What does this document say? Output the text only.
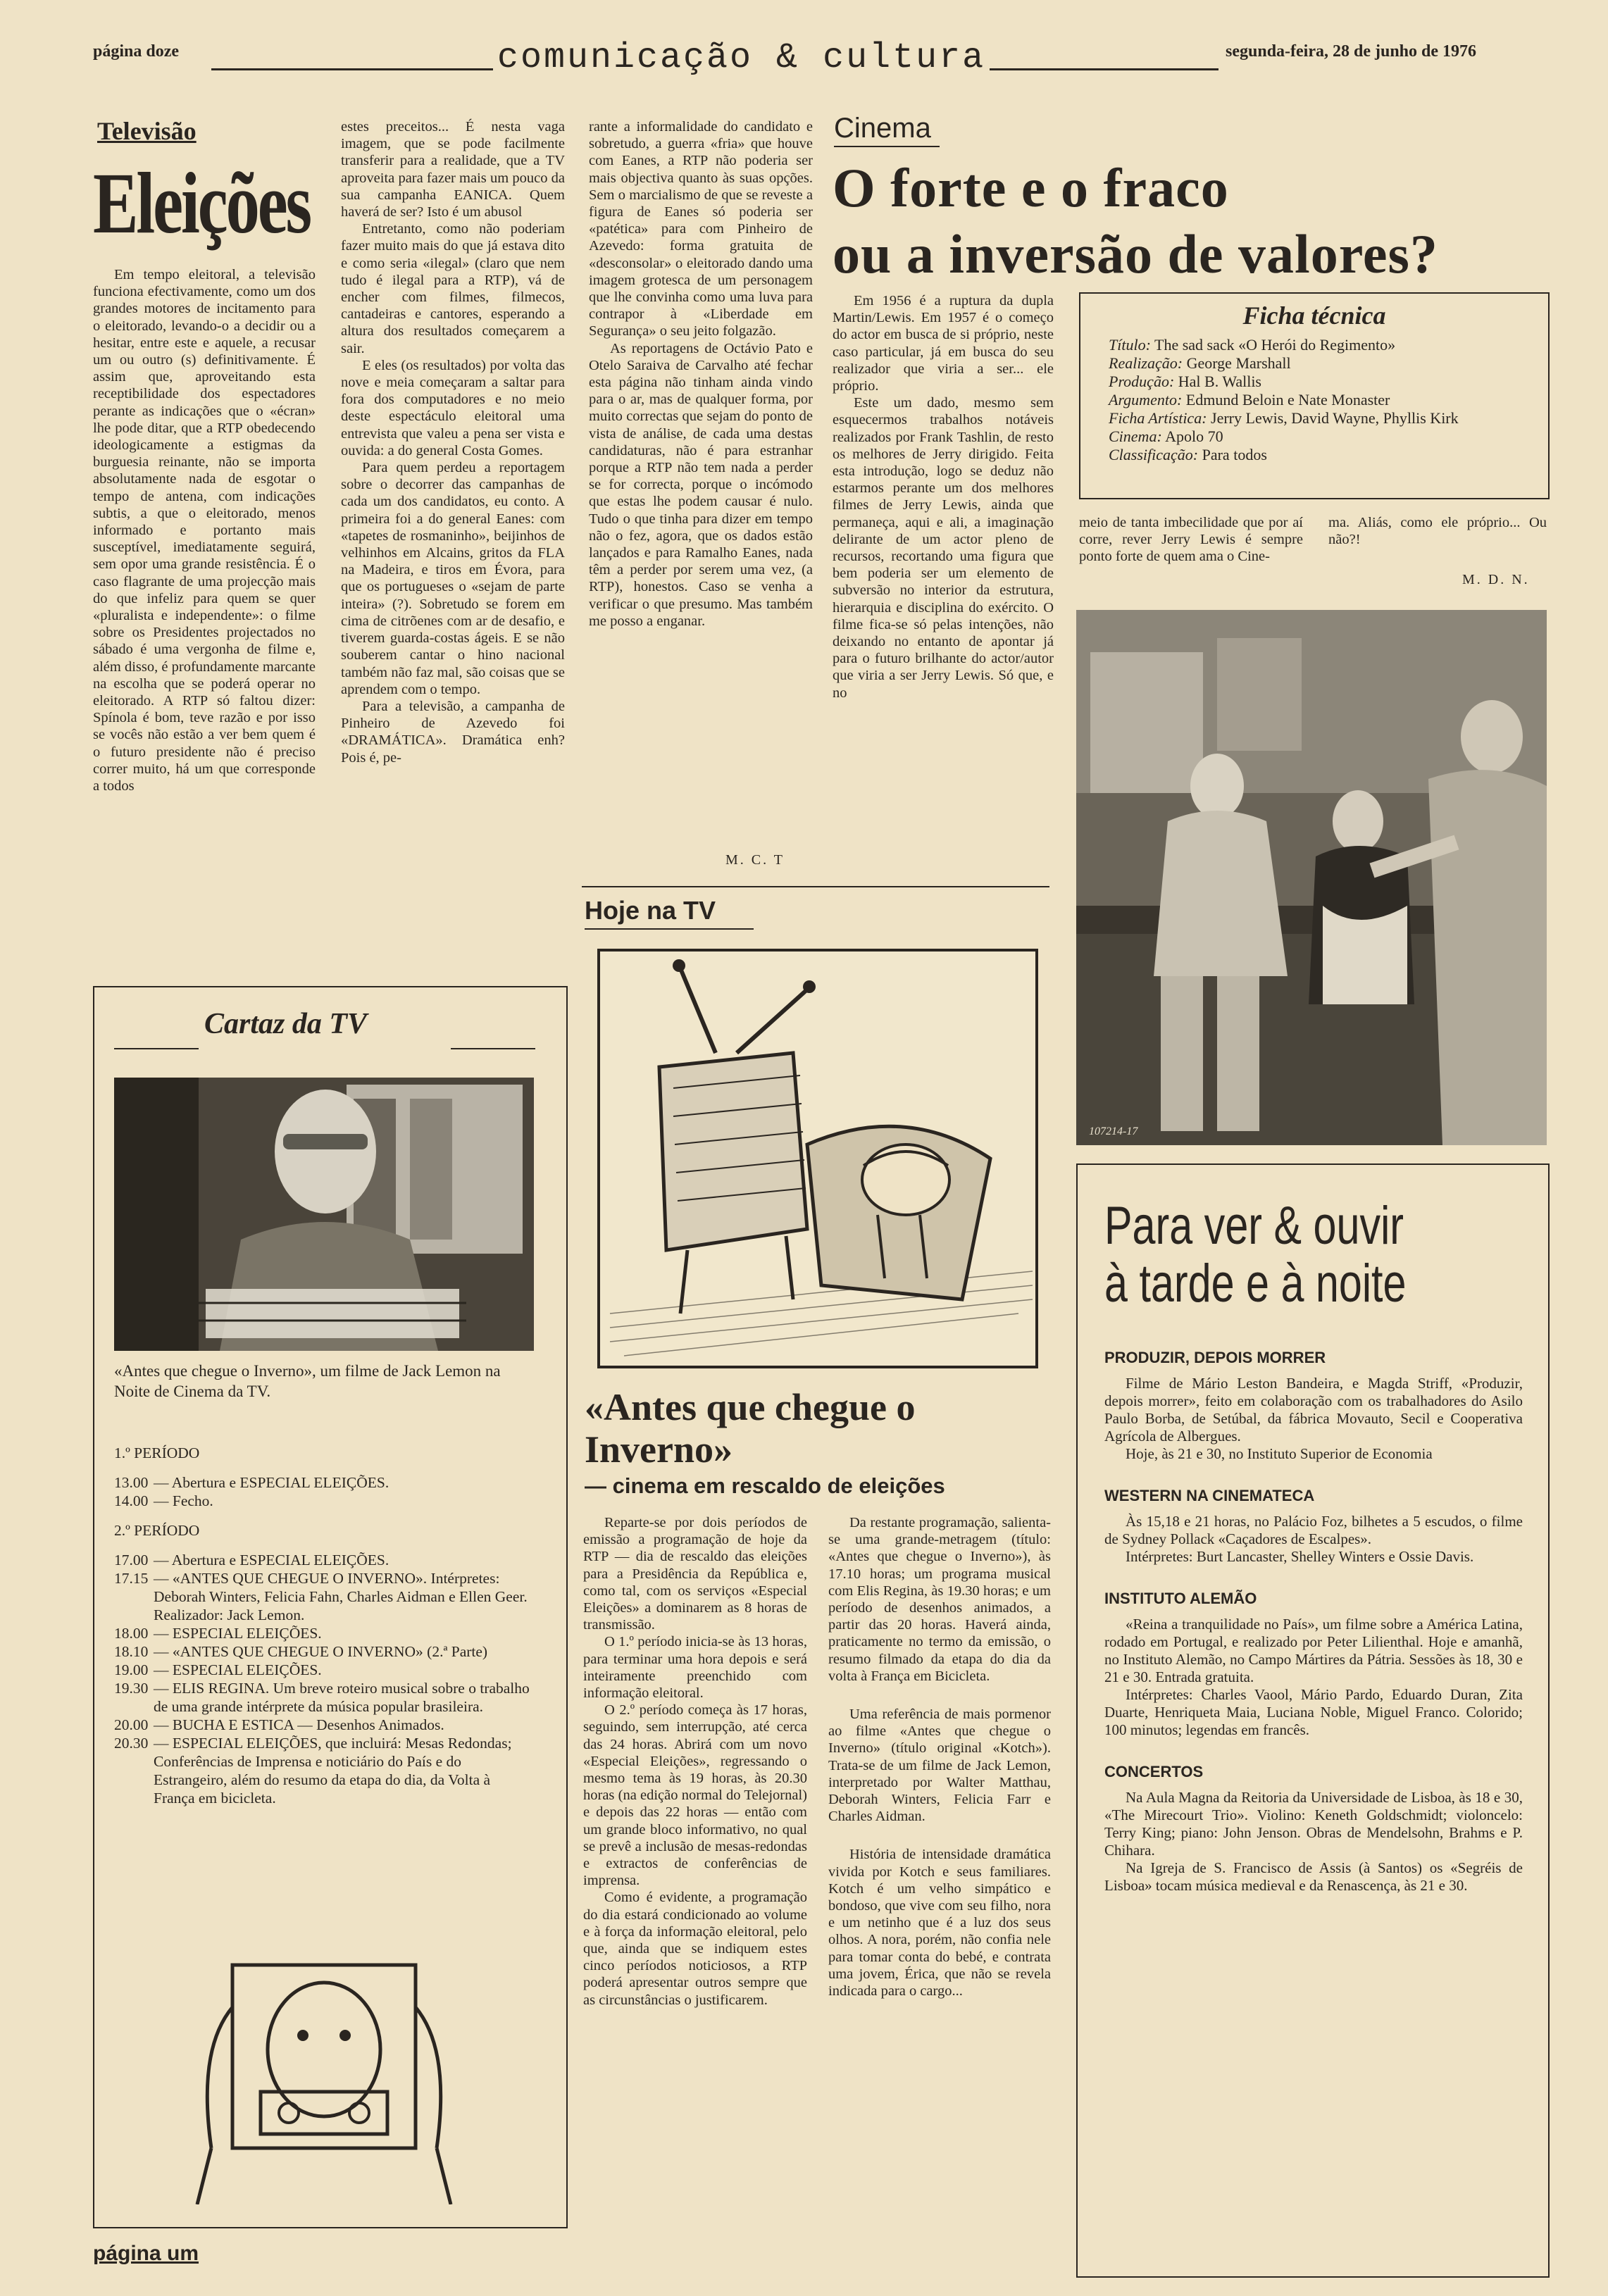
página doze	comunicação & cultura	segunda-feira, 28 de junho de 1976
Televisão
Eleições

Em tempo eleitoral, a televisão funciona efectivamente, como um dos grandes motores de incitamento para o eleitorado, levando-o a decidir ou a hesitar, entre este e aquele, a recusar um ou outro (s) definitivamente. É assim que, aproveitando esta receptibilidade dos espectadores perante as indicações que o «écran» lhe pode ditar, que a RTP obedecendo ideologicamente a estigmas da burguesia reinante, não se importa absolutamente nada de esgotar o tempo de antena, com indicações subtis, a que o eleitorado, menos informado e portanto mais susceptível, imediatamente seguirá, sem opor uma grande resistência. É o caso flagrante de uma projecção mais do que infeliz para quem se quer «pluralista e independente»: o filme sobre os Presidentes projectados no sábado é uma vergonha de filme e, além disso, é profundamente marcante na escolha que se poderá operar no eleitorado. A RTP só faltou dizer: Spínola é bom, teve razão e por isso se vocês não estão a ver bem quem é o futuro presidente não é preciso correr muito, há um que corresponde a todos

estes preceitos... É nesta vaga imagem, que se pode facilmente transferir para a realidade, que a TV aproveita para fazer mais um pouco da sua campanha EANICA. Quem haverá de ser? Isto é um abusol

Entretanto, como não poderiam fazer muito mais do que já estava dito e como seria «ilegal» (claro que nem tudo é ilegal para a RTP), vá de encher com filmes, filmecos, cantadeiras e cantores, esperando a altura dos resultados começarem a sair.

E eles (os resultados) por volta das nove e meia começaram a saltar para fora dos computadores e no meio deste espectáculo eleitoral uma entrevista que valeu a pena ser vista e ouvida: a do general Costa Gomes.

Para quem perdeu a reportagem sobre o decorrer das campanhas de cada um dos candidatos, eu conto. A primeira foi a do general Eanes: com «tapetes de rosmaninho», beijinhos de velhinhos em Alcains, gritos da FLA na Madeira, e tiros em Évora, para que os portugueses o «sejam de parte inteira» (?). Sobretudo se forem em cima de citrõenes com ar de desafio, e tiverem guarda-costas ágeis. E se não souberem cantar o hino nacional também não faz mal, são coisas que se aprendem com o tempo.

Para a televisão, a campanha de Pinheiro de Azevedo foi «DRAMÁTICA». Dramática enh? Pois é, pe-

rante a informalidade do candidato e sobretudo, a guerra «fria» que houve com Eanes, a RTP não poderia ser mais objectiva quanto às suas opções. Sem o marcialismo de que se reveste a figura de Eanes só poderia ser «patética» para com Pinheiro de Azevedo: forma gratuita de «desconsolar» o eleitorado dando uma imagem grotesca de um personagem que lhe convinha como uma luva para contrapor à «Liberdade em Segurança» o seu jeito folgazão.

As reportagens de Octávio Pato e Otelo Saraiva de Carvalho até fechar esta página não tinham ainda vindo para o ar, mas de qualquer forma, por muito correctas que sejam do ponto de vista de análise, de cada uma destas candidaturas, não é para estranhar porque a RTP não tem nada a perder se for correcta, porque o incómodo que estas lhe podem causar é nulo. Tudo o que tinha para dizer em tempo não o fez, agora, que os dados estão lançados e para Ramalho Eanes, nada têm a perder por serem uma vez, (a RTP), honestos. Caso se venha a verificar o que presumo. Mas também me posso a enganar.

M. C. T
Cartaz da TV
«Antes que chegue o Inverno», um filme de Jack Lemon na Noite de Cinema da TV.
1.º PERÍODO
13.00 — Abertura e ESPECIAL ELEIÇÕES.
14.00 — Fecho.
2.º PERÍODO
17.00 — Abertura e ESPECIAL ELEIÇÕES.
17.15 — «ANTES QUE CHEGUE O INVERNO». Intérpretes: Deborah Winters, Felicia Fahn, Charles Aidman e Ellen Geer. Realizador: Jack Lemon.
18.00 — ESPECIAL ELEIÇÕES.
18.10 — «ANTES QUE CHEGUE O INVERNO» (2.ª Parte)
19.00 — ESPECIAL ELEIÇÕES.
19.30 — ELIS REGINA. Um breve roteiro musical sobre o trabalho de uma grande intérprete da música popular brasileira.
20.00 — BUCHA E ESTICA — Desenhos Animados.
20.30 — ESPECIAL ELEIÇÕES, que incluirá: Mesas Redondas; Conferências de Imprensa e noticiário do País e do Estrangeiro, além do resumo da etapa do dia, da Volta à França em bicicleta.
Hoje na TV
«Antes que chegue o Inverno»
— cinema em rescaldo de eleições

Reparte-se por dois períodos de emissão a programação de hoje da RTP — dia de rescaldo das eleições para a Presidência da República e, como tal, com os serviços «Especial Eleições» a dominarem as 8 horas de transmissão.

O 1.º período inicia-se às 13 horas, para terminar uma hora depois e será inteiramente preenchido com informação eleitoral.

O 2.º período começa às 17 horas, seguindo, sem interrupção, até cerca das 24 horas. Abrirá com um novo «Especial Eleições», regressando o mesmo tema às 19 horas, às 20.30 horas (na edição normal do Telejornal) e depois das 22 horas — então com um grande bloco informativo, no qual se prevê a inclusão de mesas-redondas e extractos de conferências de imprensa.

Como é evidente, a programação do dia estará condicionado ao volume e à força da informação eleitoral, pelo que, ainda que se indiquem estes cinco períodos noticiosos, a RTP poderá apresentar outros sempre que as circunstâncias o justificarem.

Da restante programação, salienta-se uma grande-metragem (título: «Antes que chegue o Inverno»), às 17.10 horas; um programa musical com Elis Regina, às 19.30 horas; e um período de desenhos animados, a partir das 20 horas. Haverá ainda, praticamente no termo da emissão, o resumo filmado da etapa do dia da volta à França em Bicicleta.

Uma referência de mais pormenor ao filme «Antes que chegue o Inverno» (título original «Kotch»). Trata-se de um filme de Jack Lemon, interpretado por Walter Matthau, Deborah Winters, Felicia Farr e Charles Aidman.

História de intensidade dramática vivida por Kotch e seus familiares. Kotch é um velho simpático e bondoso, que vive com seu filho, nora e um netinho que é a luz dos seus olhos. A nora, porém, não confia nele para tomar conta do bebé, e contrata uma jovem, Érica, que não se revela indicada para o cargo...

Cinema
O forte e o fraco
ou a inversão de valores?

Em 1956 é a ruptura da dupla Martin/Lewis. Em 1957 é o começo do actor em busca de si próprio, neste caso particular, já em busca do seu realizador que viria a ser... ele próprio.

Este um dado, mesmo sem esquecermos trabalhos notáveis realizados por Frank Tashlin, de resto os melhores de Jerry dirigido. Feita esta introdução, logo se deduz não estarmos perante um dos melhores filmes de Jerry Lewis, ainda que permaneça, aqui e ali, a imaginação delirante de um actor pleno de recursos, recortando uma figura que bem poderia ser um elemento de subversão no interior da estrutura, hierarquia e disciplina do exército. O filme fica-se só pelas intenções, não deixando no entanto de apontar já para o futuro brilhante do actor/autor que viria a ser Jerry Lewis. Só que, e no

Ficha técnica

Título: The sad sack «O Herói do Regimento»

Realização: George Marshall

Produção: Hal B. Wallis

Argumento: Edmund Beloin e Nate Monaster

Ficha Artística: Jerry Lewis, David Wayne, Phyllis Kirk

Cinema: Apolo 70

Classificação: Para todos

meio de tanta imbecilidade que por aí corre, rever Jerry Lewis é sempre ponto forte de quem ama o Cine-

ma. Aliás, como ele próprio... Ou não?!

M. D. N.
107214-17
Para ver & ouvir
à tarde e à noite
PRODUZIR, DEPOIS MORRER

Filme de Mário Leston Bandeira, e Magda Striff, «Produzir, depois morrer», feito em colaboração com os trabalhadores do Asilo Paulo Borba, de Setúbal, da fábrica Movauto, Secil e Cooperativa Agrícola de Albergues.

Hoje, às 21 e 30, no Instituto Superior de Economia

WESTERN NA CINEMATECA

Às 15,18 e 21 horas, no Palácio Foz, bilhetes a 5 escudos, o filme de Sydney Pollack «Caçadores de Escalpes».

Intérpretes: Burt Lancaster, Shelley Winters e Ossie Davis.

INSTITUTO ALEMÃO

«Reina a tranquilidade no País», um filme sobre a América Latina, rodado em Portugal, e realizado por Peter Lilienthal. Hoje e amanhã, no Instituto Alemão, no Campo Mártires da Pátria. Sessões às 18, 30 e 21 e 30. Entrada gratuita.

Intérpretes: Charles Vaool, Mário Pardo, Eduardo Duran, Zita Duarte, Henriqueta Maia, Luciana Noble, Miguel Franco. Colorido; 100 minutos; legendas em francês.

CONCERTOS

Na Aula Magna da Reitoria da Universidade de Lisboa, às 18 e 30, «The Mirecourt Trio». Violino: Keneth Goldschmidt; violoncelo: Terry King; piano: John Jenson. Obras de Mendelsohn, Brahms e P. Chihara.

Na Igreja de S. Francisco de Assis (à Santos) os «Segréis de Lisboa» tocam música medieval e da Renascença, às 21 e 30.

página um
